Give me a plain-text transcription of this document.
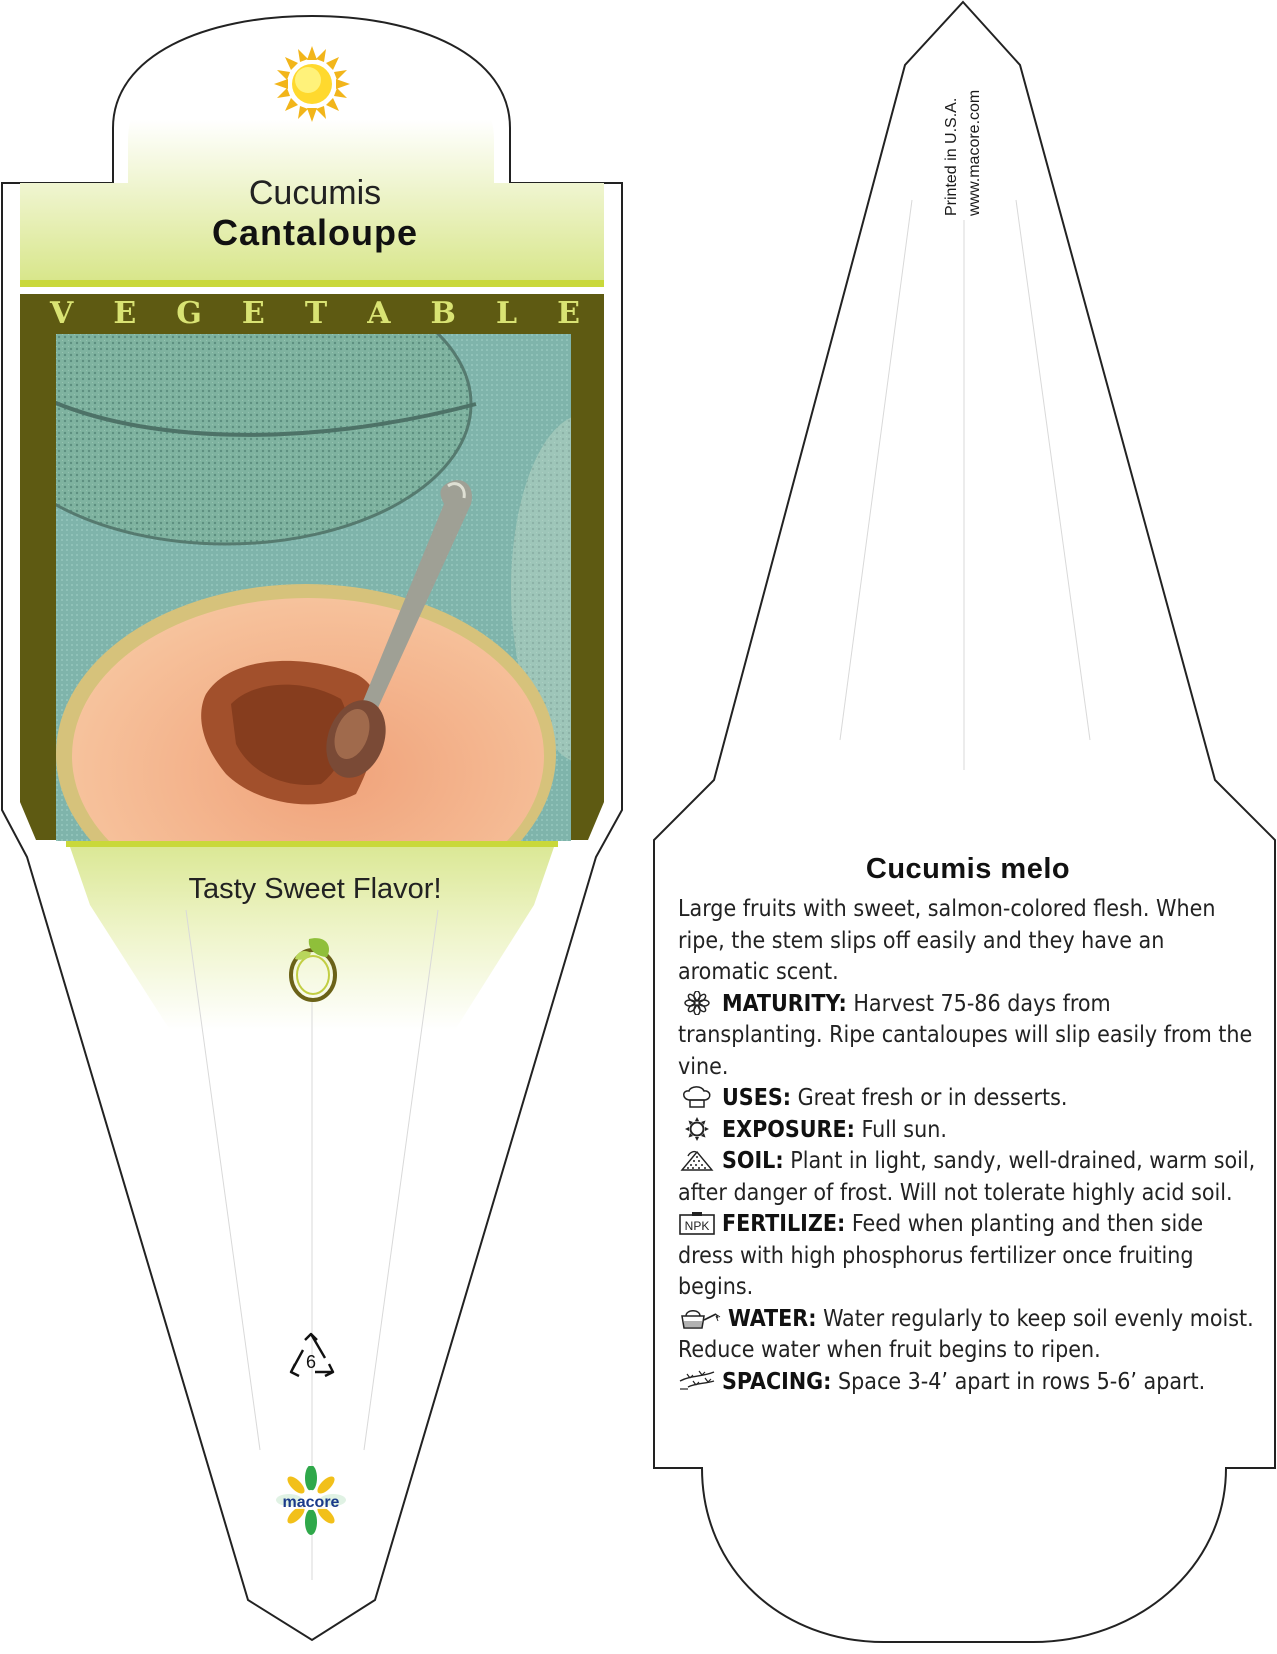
Cucumis
Cantaloupe
V E G E T A B L E
Tasty Sweet Flavor!
6
macore
Printed in U.S.A. www.macore.com
Cucumis melo
Large fruits with sweet, salmon-colored flesh. When ripe, the stem slips off easily and they have an aromatic scent.
MATURITY: Harvest 75-86 days from transplanting. Ripe cantaloupes will slip easily from the vine.
USES: Great fresh or in desserts.
EXPOSURE: Full sun.
SOIL: Plant in light, sandy, well-drained, warm soil, after danger of frost. Will not tolerate highly acid soil.
NPK FERTILIZE: Feed when planting and then side dress with high phosphorus fertilizer once fruiting begins.
WATER: Water regularly to keep soil evenly moist. Reduce water when fruit begins to ripen.
SPACING: Space 3-4’ apart in rows 5-6’ apart.
